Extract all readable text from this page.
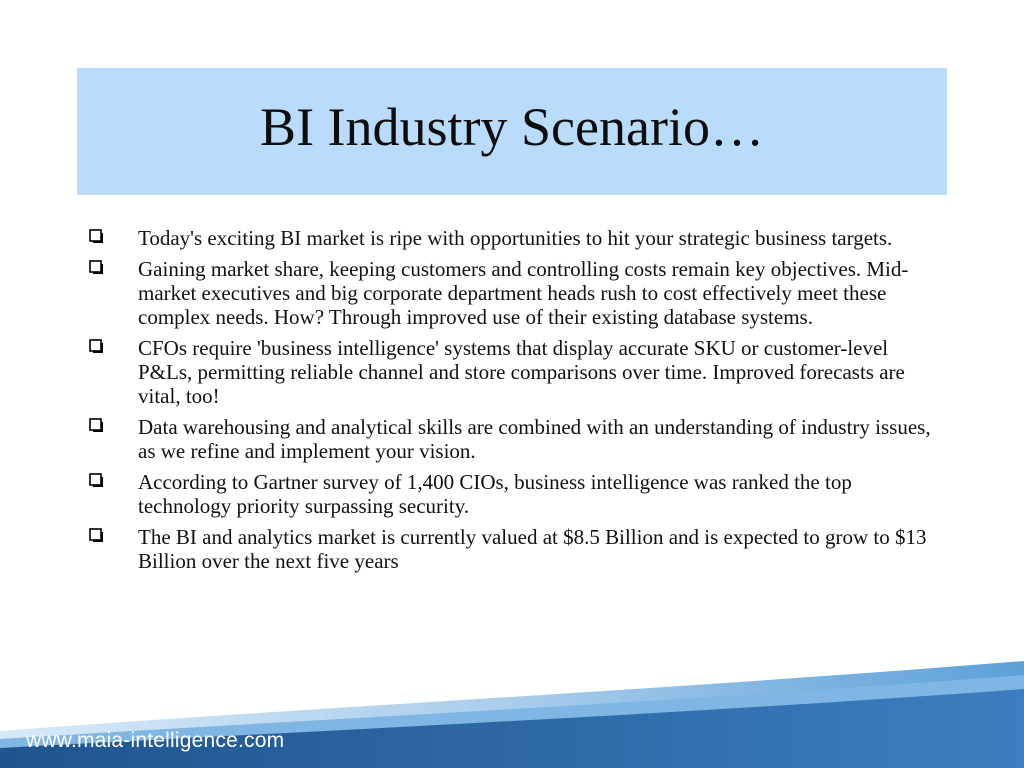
BI Industry Scenario…
Today's exciting BI market is ripe with opportunities to hit your strategic business targets.
Gaining market share, keeping customers and controlling costs remain key objectives. Mid-market executives and big corporate department heads rush to cost effectively meet these complex needs. How? Through improved use of their existing database systems.
CFOs require 'business intelligence' systems that display accurate SKU or customer-level P&Ls, permitting reliable channel and store comparisons over time. Improved forecasts are vital, too!
Data warehousing and analytical skills are combined with an understanding of industry issues, as we refine and implement your vision.
According to Gartner survey of 1,400 CIOs, business intelligence was ranked the top technology priority surpassing security.
The BI and analytics market is currently valued at $8.5 Billion and is expected to grow to $13 Billion over the next five years
www.maia-intelligence.com
